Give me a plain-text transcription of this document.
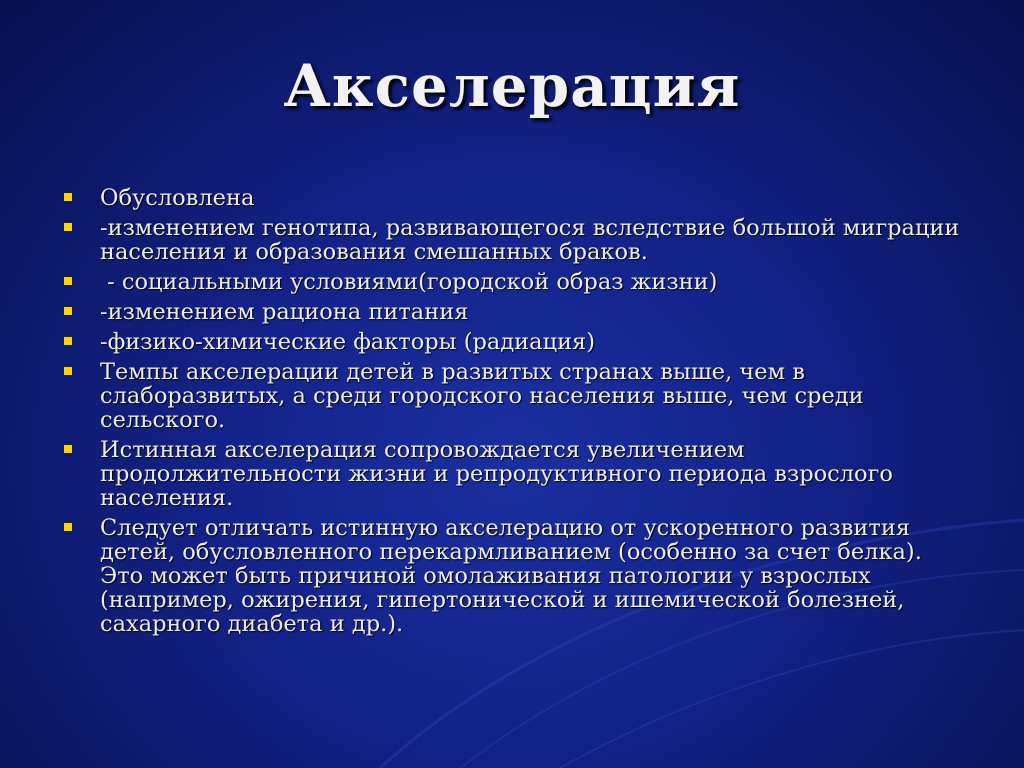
Акселерация
Обусловлена
-изменением генотипа, развивающегося вследствие большой миграции населения и образования смешанных браков.
- социальными условиями(городской образ жизни)
-изменением рациона питания
-физико-химические факторы (радиация)
Темпы акселерации детей в развитых странах выше, чем в слаборазвитых, а среди городского населения выше, чем среди сельского.
Истинная акселерация сопровождается увеличением продолжительности жизни и репродуктивного периода взрослого населения.
Следует отличать истинную акселерацию от ускоренного развития детей, обусловленного перекармливанием (особенно за счет белка). Это может быть причиной омолаживания патологии у взрослых (например, ожирения, гипертонической и ишемической болезней, сахарного диабета и др.).
